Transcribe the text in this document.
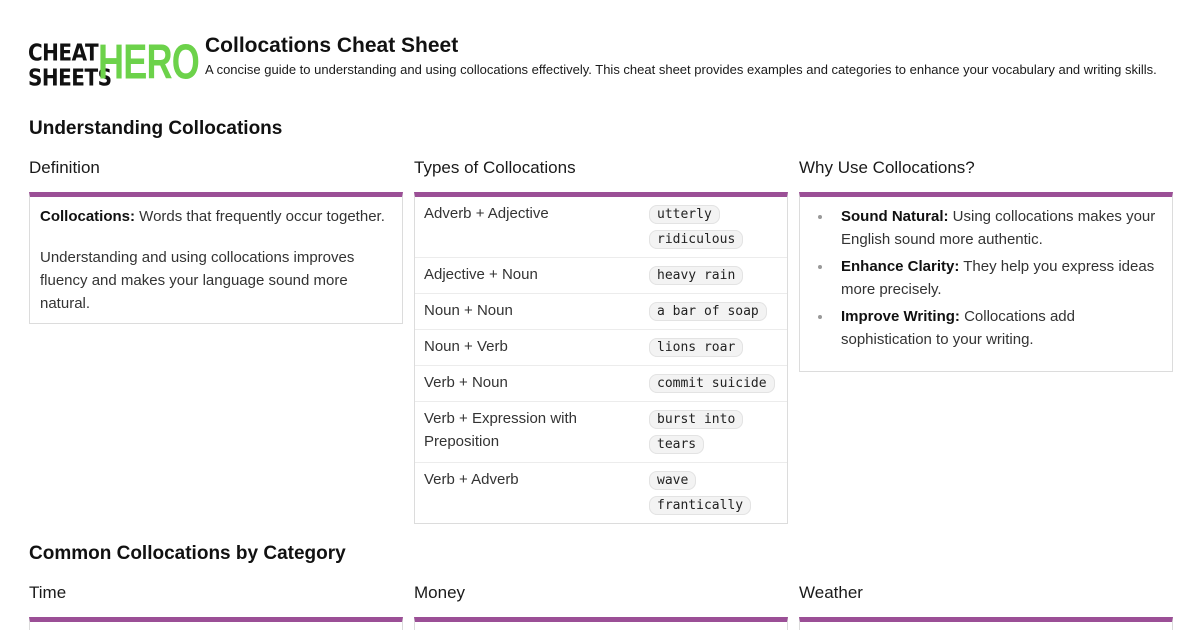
CHEAT
SHEETS
HERO Collocations Cheat Sheet

A concise guide to understanding and using collocations effectively. This cheat sheet provides examples and categories to enhance your vocabulary and writing skills.

Understanding Collocations
Definition

Collocations: Words that frequently occur together.

Understanding and using collocations improves fluency and makes your language sound more natural.

Types of Collocations
Adverb + Adjective	utterly ridiculous
Adjective + Noun	heavy rain
Noun + Noun	a bar of soap
Noun + Verb	lions roar
Verb + Noun	commit suicide
Verb + Expression with Preposition	burst into tears
Verb + Adverb	wave frantically
Why Use Collocations?
Sound Natural: Using collocations makes your English sound more authentic.
Enhance Clarity: They help you express ideas more precisely.
Improve Writing: Collocations add sophistication to your writing.
Common Collocations by Category
Time	Money	Weather
